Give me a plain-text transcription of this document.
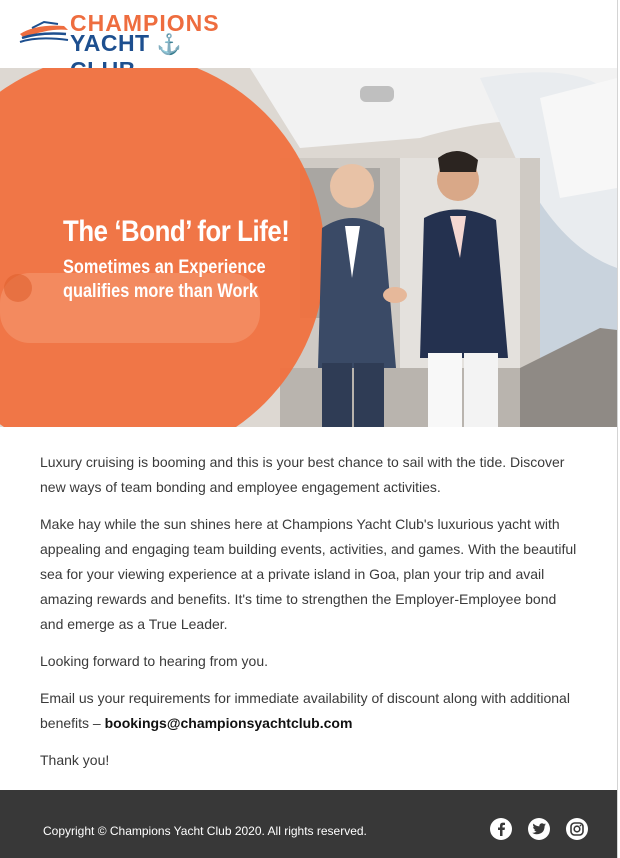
CHAMPIONS
YACHT ⚓
The ‘Bond’ for Life!
Sometimes an Experience
qualifies more than Work

Luxury cruising is booming and this is your best chance to sail with the tide. Discover new ways of team bonding and employee engagement activities.

Make hay while the sun shines here at Champions Yacht Club's luxurious yacht with appealing and engaging team building events, activities, and games. With the beautiful sea for your viewing experience at a private island in Goa, plan your trip and avail amazing rewards and benefits. It's time to strengthen the Employer-Employee bond and emerge as a True Leader.

Looking forward to hearing from you.

Email us your requirements for immediate availability of discount along with additional benefits – bookings@championsyachtclub.com

Thank you!

Copyright © Champions Yacht Club 2020. All rights reserved.
